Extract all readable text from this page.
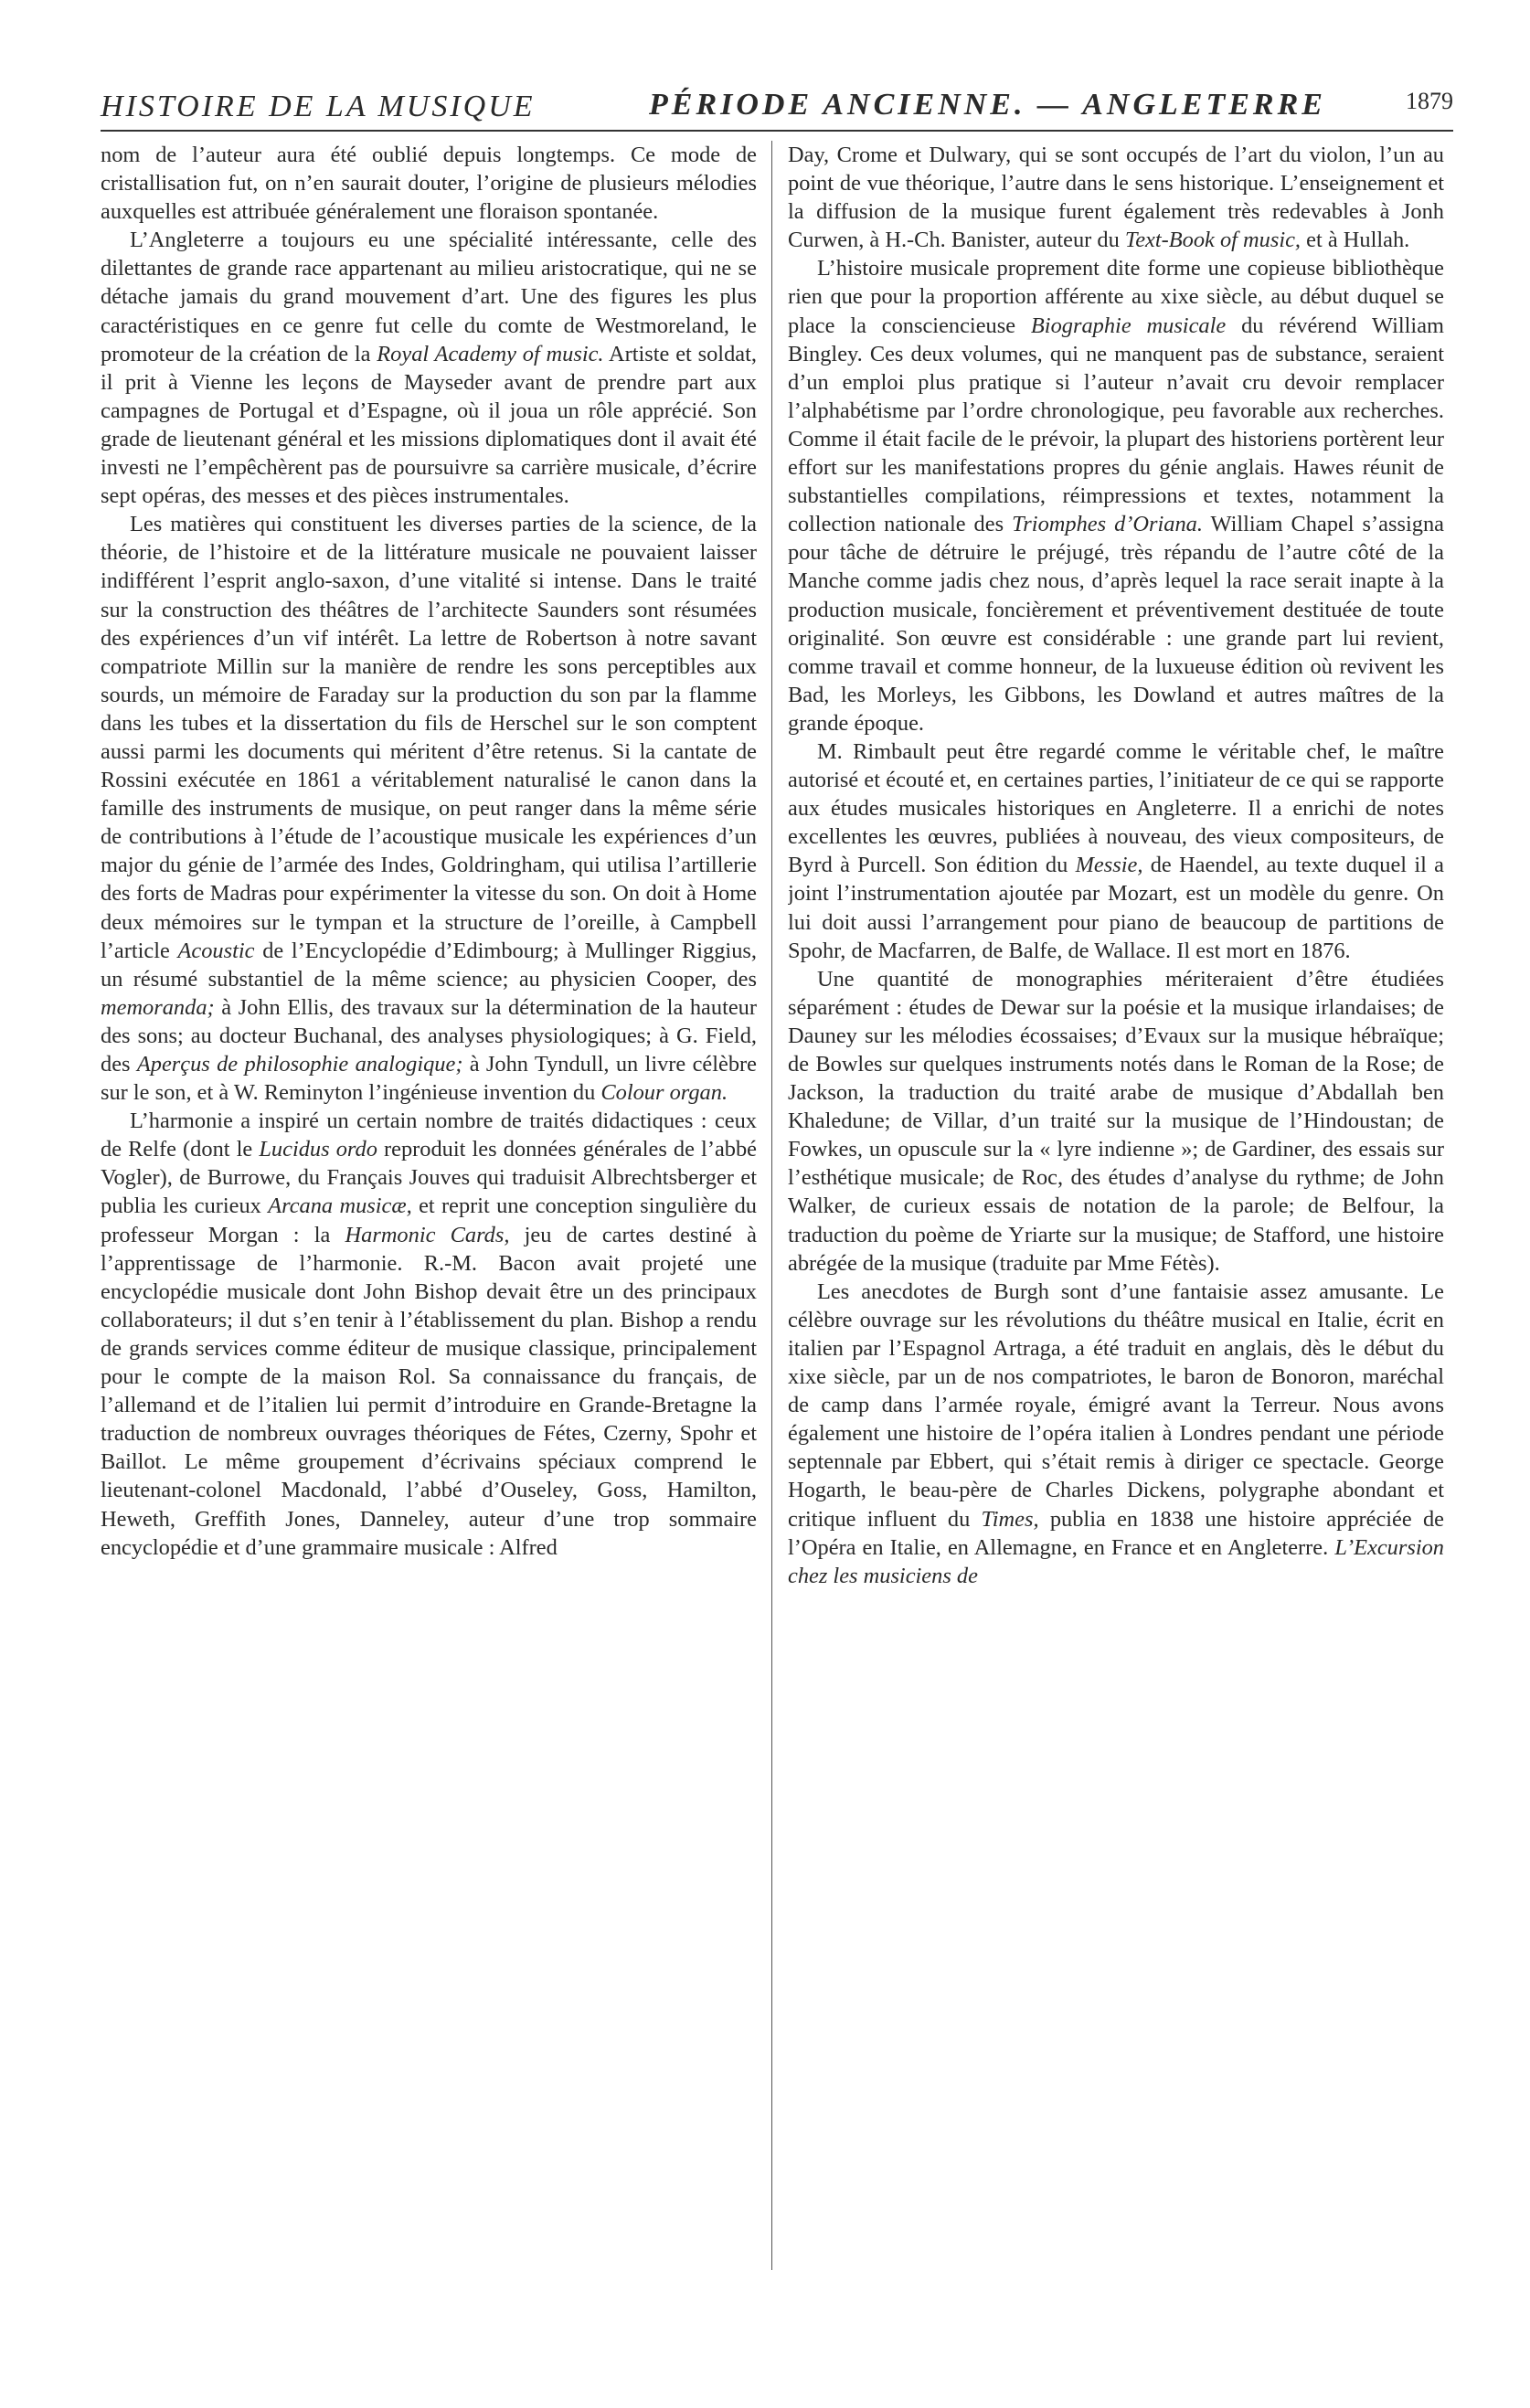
HISTOIRE DE LA MUSIQUE	PÉRIODE ANCIENNE. — ANGLETERRE	1879

nom de l’auteur aura été oublié depuis longtemps. Ce mode de cristallisation fut, on n’en saurait douter, l’origine de plusieurs mélodies auxquelles est attribuée généralement une floraison spontanée.

L’Angleterre a toujours eu une spécialité intéressante, celle des dilettantes de grande race appartenant au milieu aristocratique, qui ne se détache jamais du grand mouvement d’art. Une des figures les plus caractéristiques en ce genre fut celle du comte de Westmoreland, le promoteur de la création de la Royal Academy of music. Artiste et soldat, il prit à Vienne les leçons de Mayseder avant de prendre part aux campagnes de Portugal et d’Espagne, où il joua un rôle apprécié. Son grade de lieutenant général et les missions diplomatiques dont il avait été investi ne l’empêchèrent pas de poursuivre sa carrière musicale, d’écrire sept opéras, des messes et des pièces instrumentales.

Les matières qui constituent les diverses parties de la science, de la théorie, de l’histoire et de la littérature musicale ne pouvaient laisser indifférent l’esprit anglo-saxon, d’une vitalité si intense. Dans le traité sur la construction des théâtres de l’architecte Saunders sont résumées des expériences d’un vif intérêt. La lettre de Robertson à notre savant compatriote Millin sur la manière de rendre les sons perceptibles aux sourds, un mémoire de Faraday sur la production du son par la flamme dans les tubes et la dissertation du fils de Herschel sur le son comptent aussi parmi les documents qui méritent d’être retenus. Si la cantate de Rossini exécutée en 1861 a véritablement naturalisé le canon dans la famille des instruments de musique, on peut ranger dans la même série de contributions à l’étude de l’acoustique musicale les expériences d’un major du génie de l’armée des Indes, Goldringham, qui utilisa l’artillerie des forts de Madras pour expérimenter la vitesse du son. On doit à Home deux mémoires sur le tympan et la structure de l’oreille, à Campbell l’article Acoustic de l’Encyclopédie d’Edimbourg; à Mullinger Riggius, un résumé substantiel de la même science; au physicien Cooper, des memoranda; à John Ellis, des travaux sur la détermination de la hauteur des sons; au docteur Buchanal, des analyses physiologiques; à G. Field, des Aperçus de philosophie analogique; à John Tyndull, un livre célèbre sur le son, et à W. Reminyton l’ingénieuse invention du Colour organ.

L’harmonie a inspiré un certain nombre de traités didactiques : ceux de Relfe (dont le Lucidus ordo reproduit les données générales de l’abbé Vogler), de Burrowe, du Français Jouves qui traduisit Albrechtsberger et publia les curieux Arcana musicæ, et reprit une conception singulière du professeur Morgan : la Harmonic Cards, jeu de cartes destiné à l’apprentissage de l’harmonie. R.-M. Bacon avait projeté une encyclopédie musicale dont John Bishop devait être un des principaux collaborateurs; il dut s’en tenir à l’établissement du plan. Bishop a rendu de grands services comme éditeur de musique classique, principalement pour le compte de la maison Rol. Sa connaissance du français, de l’allemand et de l’italien lui permit d’introduire en Grande-Bretagne la traduction de nombreux ouvrages théoriques de Fétes, Czerny, Spohr et Baillot. Le même groupement d’écrivains spéciaux comprend le lieutenant-colonel Macdonald, l’abbé d’Ouseley, Goss, Hamilton, Heweth, Greffith Jones, Danneley, auteur d’une trop sommaire encyclopédie et d’une grammaire musicale : Alfred

Day, Crome et Dulwary, qui se sont occupés de l’art du violon, l’un au point de vue théorique, l’autre dans le sens historique. L’enseignement et la diffusion de la musique furent également très redevables à Jonh Curwen, à H.-Ch. Banister, auteur du Text-Book of music, et à Hullah.

L’histoire musicale proprement dite forme une copieuse bibliothèque rien que pour la proportion afférente au xixe siècle, au début duquel se place la consciencieuse Biographie musicale du révérend William Bingley. Ces deux volumes, qui ne manquent pas de substance, seraient d’un emploi plus pratique si l’auteur n’avait cru devoir remplacer l’alphabétisme par l’ordre chronologique, peu favorable aux recherches. Comme il était facile de le prévoir, la plupart des historiens portèrent leur effort sur les manifestations propres du génie anglais. Hawes réunit de substantielles compilations, réimpressions et textes, notamment la collection nationale des Triomphes d’Oriana. William Chapel s’assigna pour tâche de détruire le préjugé, très répandu de l’autre côté de la Manche comme jadis chez nous, d’après lequel la race serait inapte à la production musicale, foncièrement et préventivement destituée de toute originalité. Son œuvre est considérable : une grande part lui revient, comme travail et comme honneur, de la luxueuse édition où revivent les Bad, les Morleys, les Gibbons, les Dowland et autres maîtres de la grande époque.

M. Rimbault peut être regardé comme le véritable chef, le maître autorisé et écouté et, en certaines parties, l’initiateur de ce qui se rapporte aux études musicales historiques en Angleterre. Il a enrichi de notes excellentes les œuvres, publiées à nouveau, des vieux compositeurs, de Byrd à Purcell. Son édition du Messie, de Haendel, au texte duquel il a joint l’instrumentation ajoutée par Mozart, est un modèle du genre. On lui doit aussi l’arrangement pour piano de beaucoup de partitions de Spohr, de Macfarren, de Balfe, de Wallace. Il est mort en 1876.

Une quantité de monographies mériteraient d’être étudiées séparément : études de Dewar sur la poésie et la musique irlandaises; de Dauney sur les mélodies écossaises; d’Evaux sur la musique hébraïque; de Bowles sur quelques instruments notés dans le Roman de la Rose; de Jackson, la traduction du traité arabe de musique d’Abdallah ben Khaledune; de Villar, d’un traité sur la musique de l’Hindoustan; de Fowkes, un opuscule sur la « lyre indienne »; de Gardiner, des essais sur l’esthétique musicale; de Roc, des études d’analyse du rythme; de John Walker, de curieux essais de notation de la parole; de Belfour, la traduction du poème de Yriarte sur la musique; de Stafford, une histoire abrégée de la musique (traduite par Mme Fétès).

Les anecdotes de Burgh sont d’une fantaisie assez amusante. Le célèbre ouvrage sur les révolutions du théâtre musical en Italie, écrit en italien par l’Espagnol Artraga, a été traduit en anglais, dès le début du xixe siècle, par un de nos compatriotes, le baron de Bonoron, maréchal de camp dans l’armée royale, émigré avant la Terreur. Nous avons également une histoire de l’opéra italien à Londres pendant une période septennale par Ebbert, qui s’était remis à diriger ce spectacle. George Hogarth, le beau-père de Charles Dickens, polygraphe abondant et critique influent du Times, publia en 1838 une histoire appréciée de l’Opéra en Italie, en Allemagne, en France et en Angleterre. L’Excursion chez les musiciens de
